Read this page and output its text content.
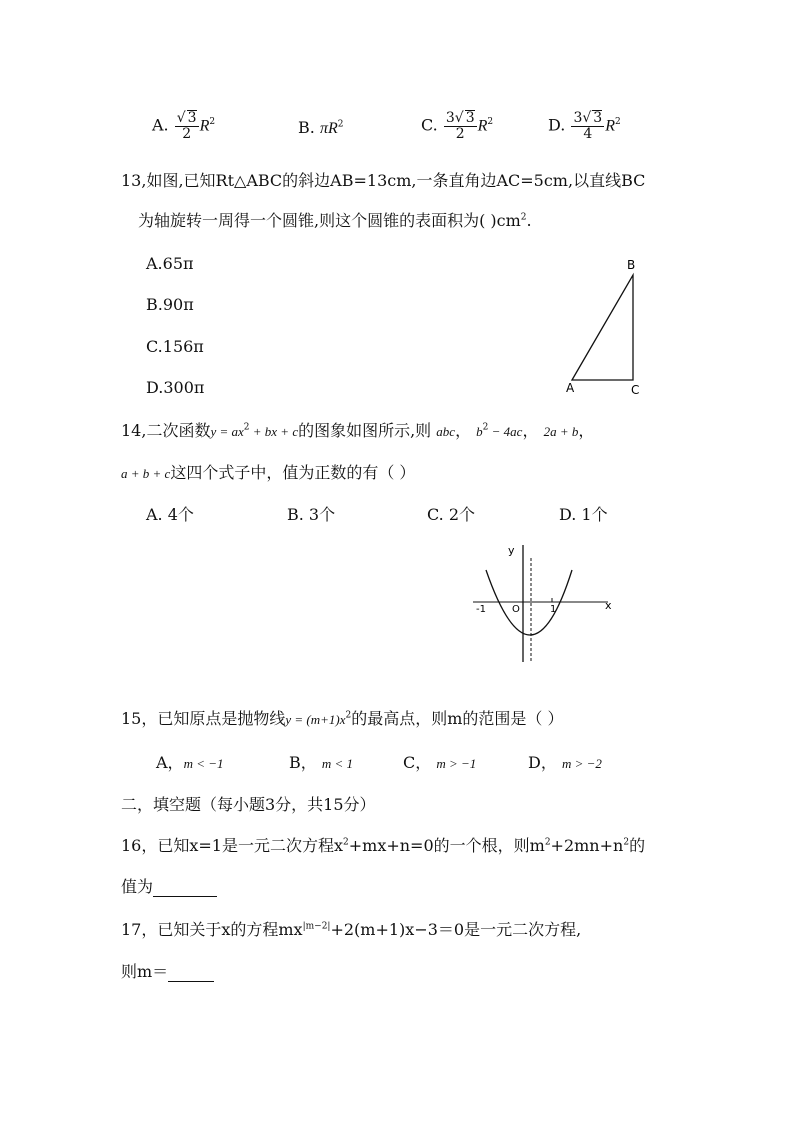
A. $\frac{√ 3}{2} R^2$	B. $\pi R^2$	C. $\frac{3√ 3}{2} R^2$	D. $\frac{3√ 3}{4} R^2$
13,如图,已知Rt△ABC的斜边AB=13cm,一条直角边AC=5cm,以直线BC
为轴旋转一周得一个圆锥,则这个圆锥的表面积为( )$cm^2$.
A.65π
B.90π
C.156π
D.300π
B
A	C
14,二次函数$y = ax^2$ + bx + c的图象如图所示,则 abc， $b^2 - 4ac$， 2a + b，
a + b + c这四个式子中，值为正数的有（ ）
A. 4个	B. 3个	C. 2个	D. 1个
y
x
-1	O	1
15，已知原点是抛物线$y = (m+1)x^2$的最高点，则m的范围是（ ）
A，m < −1	B， m < 1	C， m > −1	D， m > −2
二，填空题（每小题3分，共15分）
16，已知x=1是一元二次方程$x^2+mx+n=0$的一个根，则$m^2+2mn+n^2$的
值为
17，已知关于x的方程$mx^{|m-2|}+2(m+1)x-3=0$是一元二次方程,
则m＝
